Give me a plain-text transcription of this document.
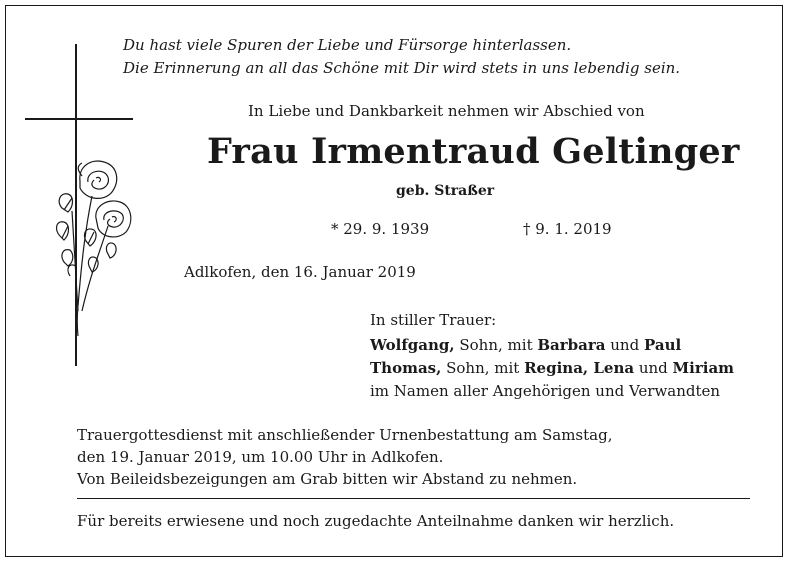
Du hast viele Spuren der Liebe und Fürsorge hinterlassen.
Die Erinnerung an all das Schöne mit Dir wird stets in uns lebendig sein.
In Liebe und Dankbarkeit nehmen wir Abschied von
Frau Irmentraud Geltinger
geb. Straßer
* 29. 9. 1939	† 9. 1. 2019
Adlkofen, den 16. Januar 2019
In stiller Trauer:
Wolfgang, Sohn, mit Barbara und Paul
Thomas, Sohn, mit Regina, Lena und Miriam
im Namen aller Angehörigen und Verwandten
Trauergottesdienst mit anschließender Urnenbestattung am Samstag,
den 19. Januar 2019, um 10.00 Uhr in Adlkofen.
Von Beileidsbezeigungen am Grab bitten wir Abstand zu nehmen.
Für bereits erwiesene und noch zugedachte Anteilnahme danken wir herzlich.
